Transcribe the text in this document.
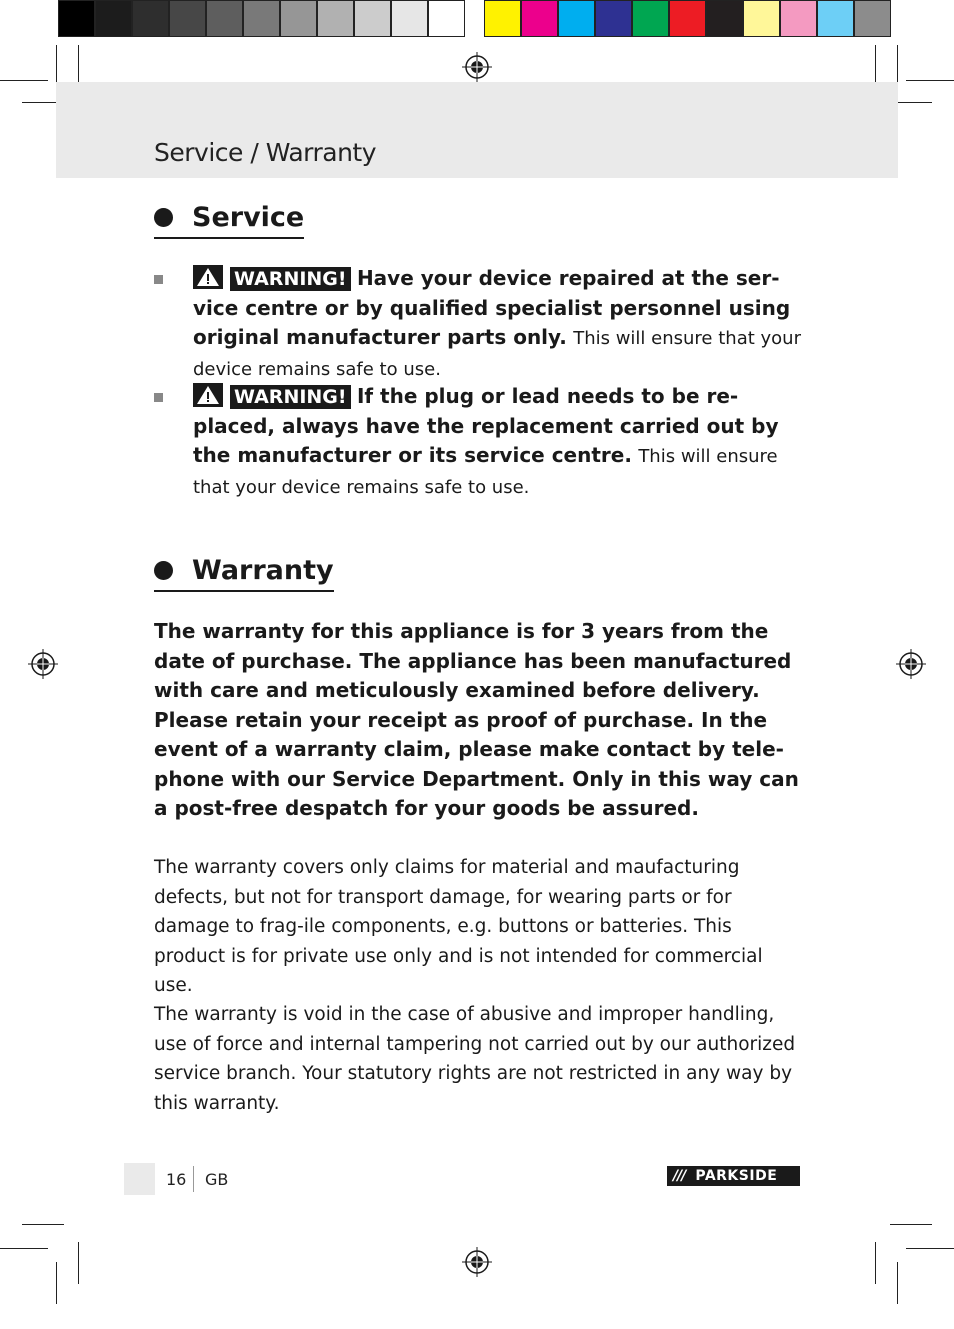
Service / Warranty
Service
WARNING! Have your device repaired at the ser-vice centre or by qualified specialist personnel using original manufacturer parts only. This will ensure that your device remains safe to use.
WARNING! If the plug or lead needs to be re-placed, always have the replacement carried out by the manufacturer or its service centre. This will ensure that your device remains safe to use.
Warranty
The warranty for this appliance is for 3 years from the date of purchase. The appliance has been manufactured with care and meticulously examined before delivery. Please retain your receipt as proof of purchase. In the event of a warranty claim, please make contact by tele-phone with our Service Department. Only in this way can a post-free despatch for your goods be assured.
The warranty covers only claims for material and maufacturing defects, but not for transport damage, for wearing parts or for damage to frag-ile components, e.g. buttons or batteries. This product is for private use only and is not intended for commercial use.
The warranty is void in the case of abusive and improper handling, use of force and internal tampering not carried out by our authorized service branch. Your statutory rights are not restricted in any way by this warranty.
16 GB	/// PARKSIDE
